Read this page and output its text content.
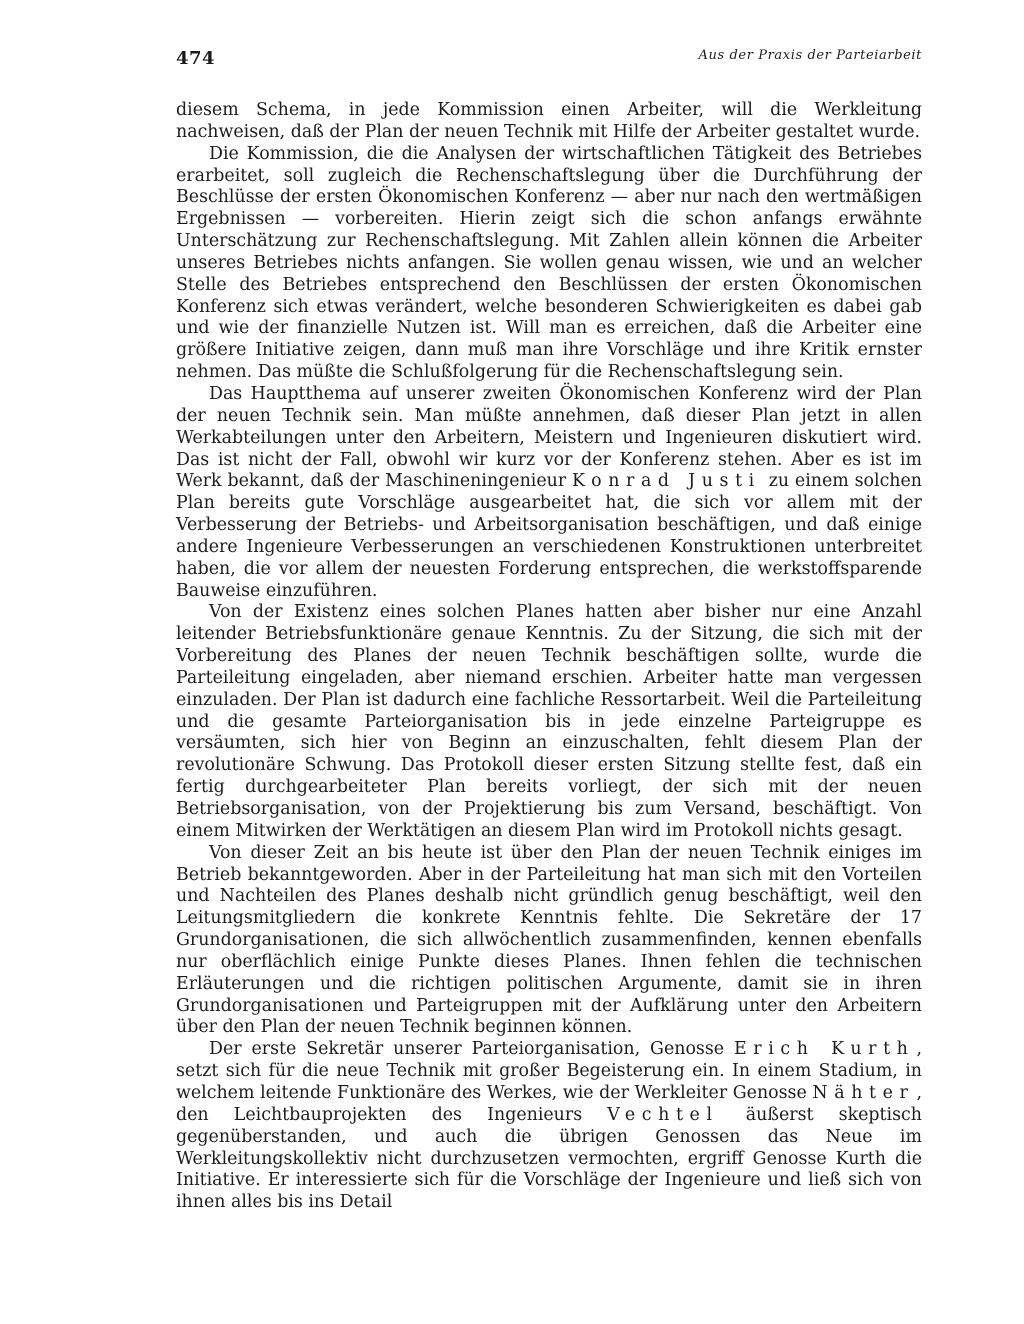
474	Aus der Praxis der Parteiarbeit

diesem Schema, in jede Kommission einen Arbeiter, will die Werkleitung nachweisen, daß der Plan der neuen Technik mit Hilfe der Arbeiter gestaltet wurde.

Die Kommission, die die Analysen der wirtschaftlichen Tätigkeit des Betriebes erarbeitet, soll zugleich die Rechenschaftslegung über die Durchführung der Beschlüsse der ersten Ökonomischen Konferenz — aber nur nach den wertmäßigen Ergebnissen — vorbereiten. Hierin zeigt sich die schon anfangs erwähnte Unterschätzung zur Rechenschaftslegung. Mit Zahlen allein können die Arbeiter unseres Betriebes nichts anfangen. Sie wollen genau wissen, wie und an welcher Stelle des Betriebes entsprechend den Beschlüssen der ersten Ökonomischen Konferenz sich etwas verändert, welche besonderen Schwierigkeiten es dabei gab und wie der finanzielle Nutzen ist. Will man es erreichen, daß die Arbeiter eine größere Initiative zeigen, dann muß man ihre Vorschläge und ihre Kritik ernster nehmen. Das müßte die Schlußfolgerung für die Rechenschaftslegung sein.

Das Hauptthema auf unserer zweiten Ökonomischen Konferenz wird der Plan der neuen Technik sein. Man müßte annehmen, daß dieser Plan jetzt in allen Werkabteilungen unter den Arbeitern, Meistern und Ingenieuren diskutiert wird. Das ist nicht der Fall, obwohl wir kurz vor der Konferenz stehen. Aber es ist im Werk bekannt, daß der Maschineningenieur Konrad Justi zu einem solchen Plan bereits gute Vorschläge ausgearbeitet hat, die sich vor allem mit der Verbesserung der Betriebs- und Arbeitsorganisation beschäftigen, und daß einige andere Ingenieure Verbesserungen an verschiedenen Konstruktionen unterbreitet haben, die vor allem der neuesten Forderung entsprechen, die werkstoffsparende Bauweise einzuführen.

Von der Existenz eines solchen Planes hatten aber bisher nur eine Anzahl leitender Betriebsfunktionäre genaue Kenntnis. Zu der Sitzung, die sich mit der Vorbereitung des Planes der neuen Technik beschäftigen sollte, wurde die Parteileitung eingeladen, aber niemand erschien. Arbeiter hatte man vergessen einzuladen. Der Plan ist dadurch eine fachliche Ressortarbeit. Weil die Parteileitung und die gesamte Parteiorganisation bis in jede einzelne Parteigruppe es versäumten, sich hier von Beginn an einzuschalten, fehlt diesem Plan der revolutionäre Schwung. Das Protokoll dieser ersten Sitzung stellte fest, daß ein fertig durchgearbeiteter Plan bereits vorliegt, der sich mit der neuen Betriebsorganisation, von der Projektierung bis zum Versand, beschäftigt. Von einem Mitwirken der Werktätigen an diesem Plan wird im Protokoll nichts gesagt.

Von dieser Zeit an bis heute ist über den Plan der neuen Technik einiges im Betrieb bekanntgeworden. Aber in der Parteileitung hat man sich mit den Vorteilen und Nachteilen des Planes deshalb nicht gründlich genug beschäftigt, weil den Leitungsmitgliedern die konkrete Kenntnis fehlte. Die Sekretäre der 17 Grundorganisationen, die sich allwöchentlich zusammenfinden, kennen ebenfalls nur oberflächlich einige Punkte dieses Planes. Ihnen fehlen die technischen Erläuterungen und die richtigen politischen Argumente, damit sie in ihren Grundorganisationen und Parteigruppen mit der Aufklärung unter den Arbeitern über den Plan der neuen Technik beginnen können.

Der erste Sekretär unserer Parteiorganisation, Genosse Erich Kurth , setzt sich für die neue Technik mit großer Begeisterung ein. In einem Stadium, in welchem leitende Funktionäre des Werkes, wie der Werkleiter Genosse Nähter , den Leichtbauprojekten des Ingenieurs Vechtel äußerst skeptisch gegenüberstanden, und auch die übrigen Genossen das Neue im Werkleitungskollektiv nicht durchzusetzen vermochten, ergriff Genosse Kurth die Initiative. Er interessierte sich für die Vorschläge der Ingenieure und ließ sich von ihnen alles bis ins Detail
